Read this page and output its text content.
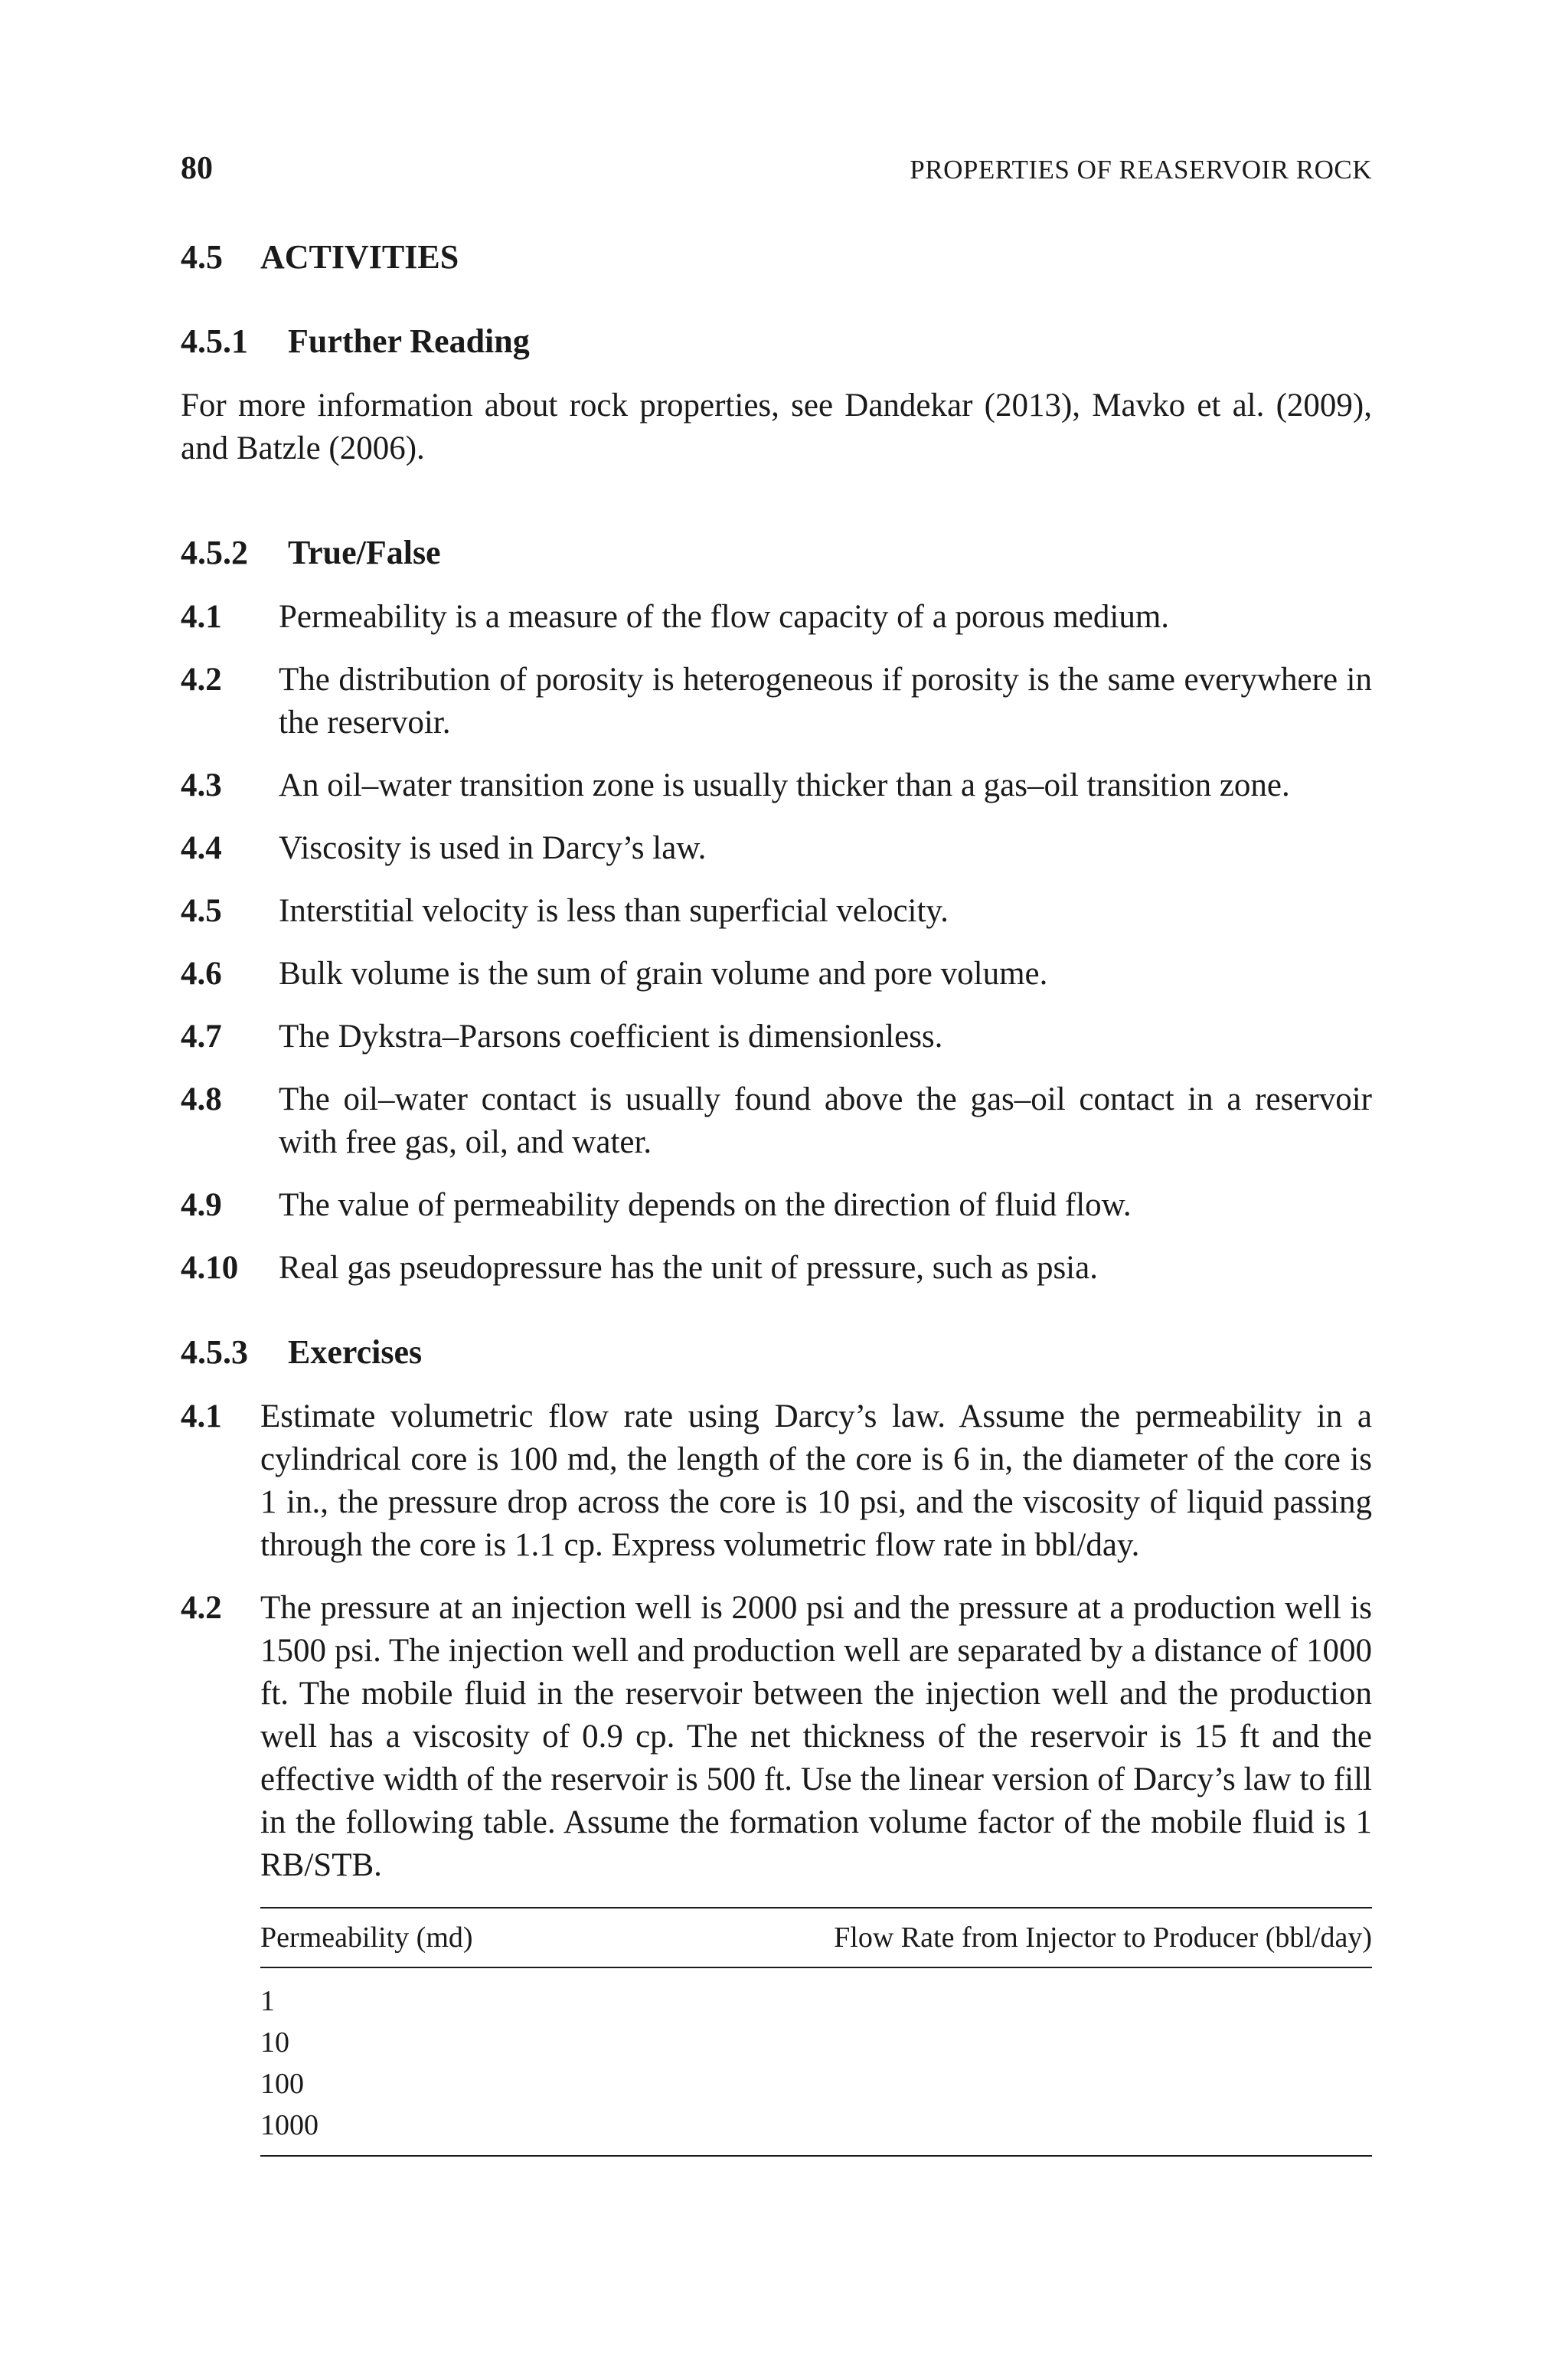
80	PROPERTIES OF REASERVOIR ROCK
4.5 ACTIVITIES
4.5.1 Further Reading
For more information about rock properties, see Dandekar (2013), Mavko et al. (2009), and Batzle (2006).
4.5.2 True/False
4.1 Permeability is a measure of the flow capacity of a porous medium.
4.2 The distribution of porosity is heterogeneous if porosity is the same everywhere in the reservoir.
4.3 An oil–water transition zone is usually thicker than a gas–oil transition zone.
4.4 Viscosity is used in Darcy’s law.
4.5 Interstitial velocity is less than superficial velocity.
4.6 Bulk volume is the sum of grain volume and pore volume.
4.7 The Dykstra–Parsons coefficient is dimensionless.
4.8 The oil–water contact is usually found above the gas–oil contact in a reservoir with free gas, oil, and water.
4.9 The value of permeability depends on the direction of fluid flow.
4.10 Real gas pseudopressure has the unit of pressure, such as psia.
4.5.3 Exercises
4.1 Estimate volumetric flow rate using Darcy’s law. Assume the permeability in a cylindrical core is 100 md, the length of the core is 6 in, the diameter of the core is 1 in., the pressure drop across the core is 10 psi, and the viscosity of liquid passing through the core is 1.1 cp. Express volumetric flow rate in bbl/day.
4.2 The pressure at an injection well is 2000 psi and the pressure at a production well is 1500 psi. The injection well and production well are separated by a distance of 1000 ft. The mobile fluid in the reservoir between the injection well and the production well has a viscosity of 0.9 cp. The net thickness of the reservoir is 15 ft and the effective width of the reservoir is 500 ft. Use the linear version of Darcy’s law to fill in the following table. Assume the formation volume factor of the mobile fluid is 1 RB/STB.
Permeability (md)	Flow Rate from Injector to Producer (bbl/day)
1
10
100
1000
